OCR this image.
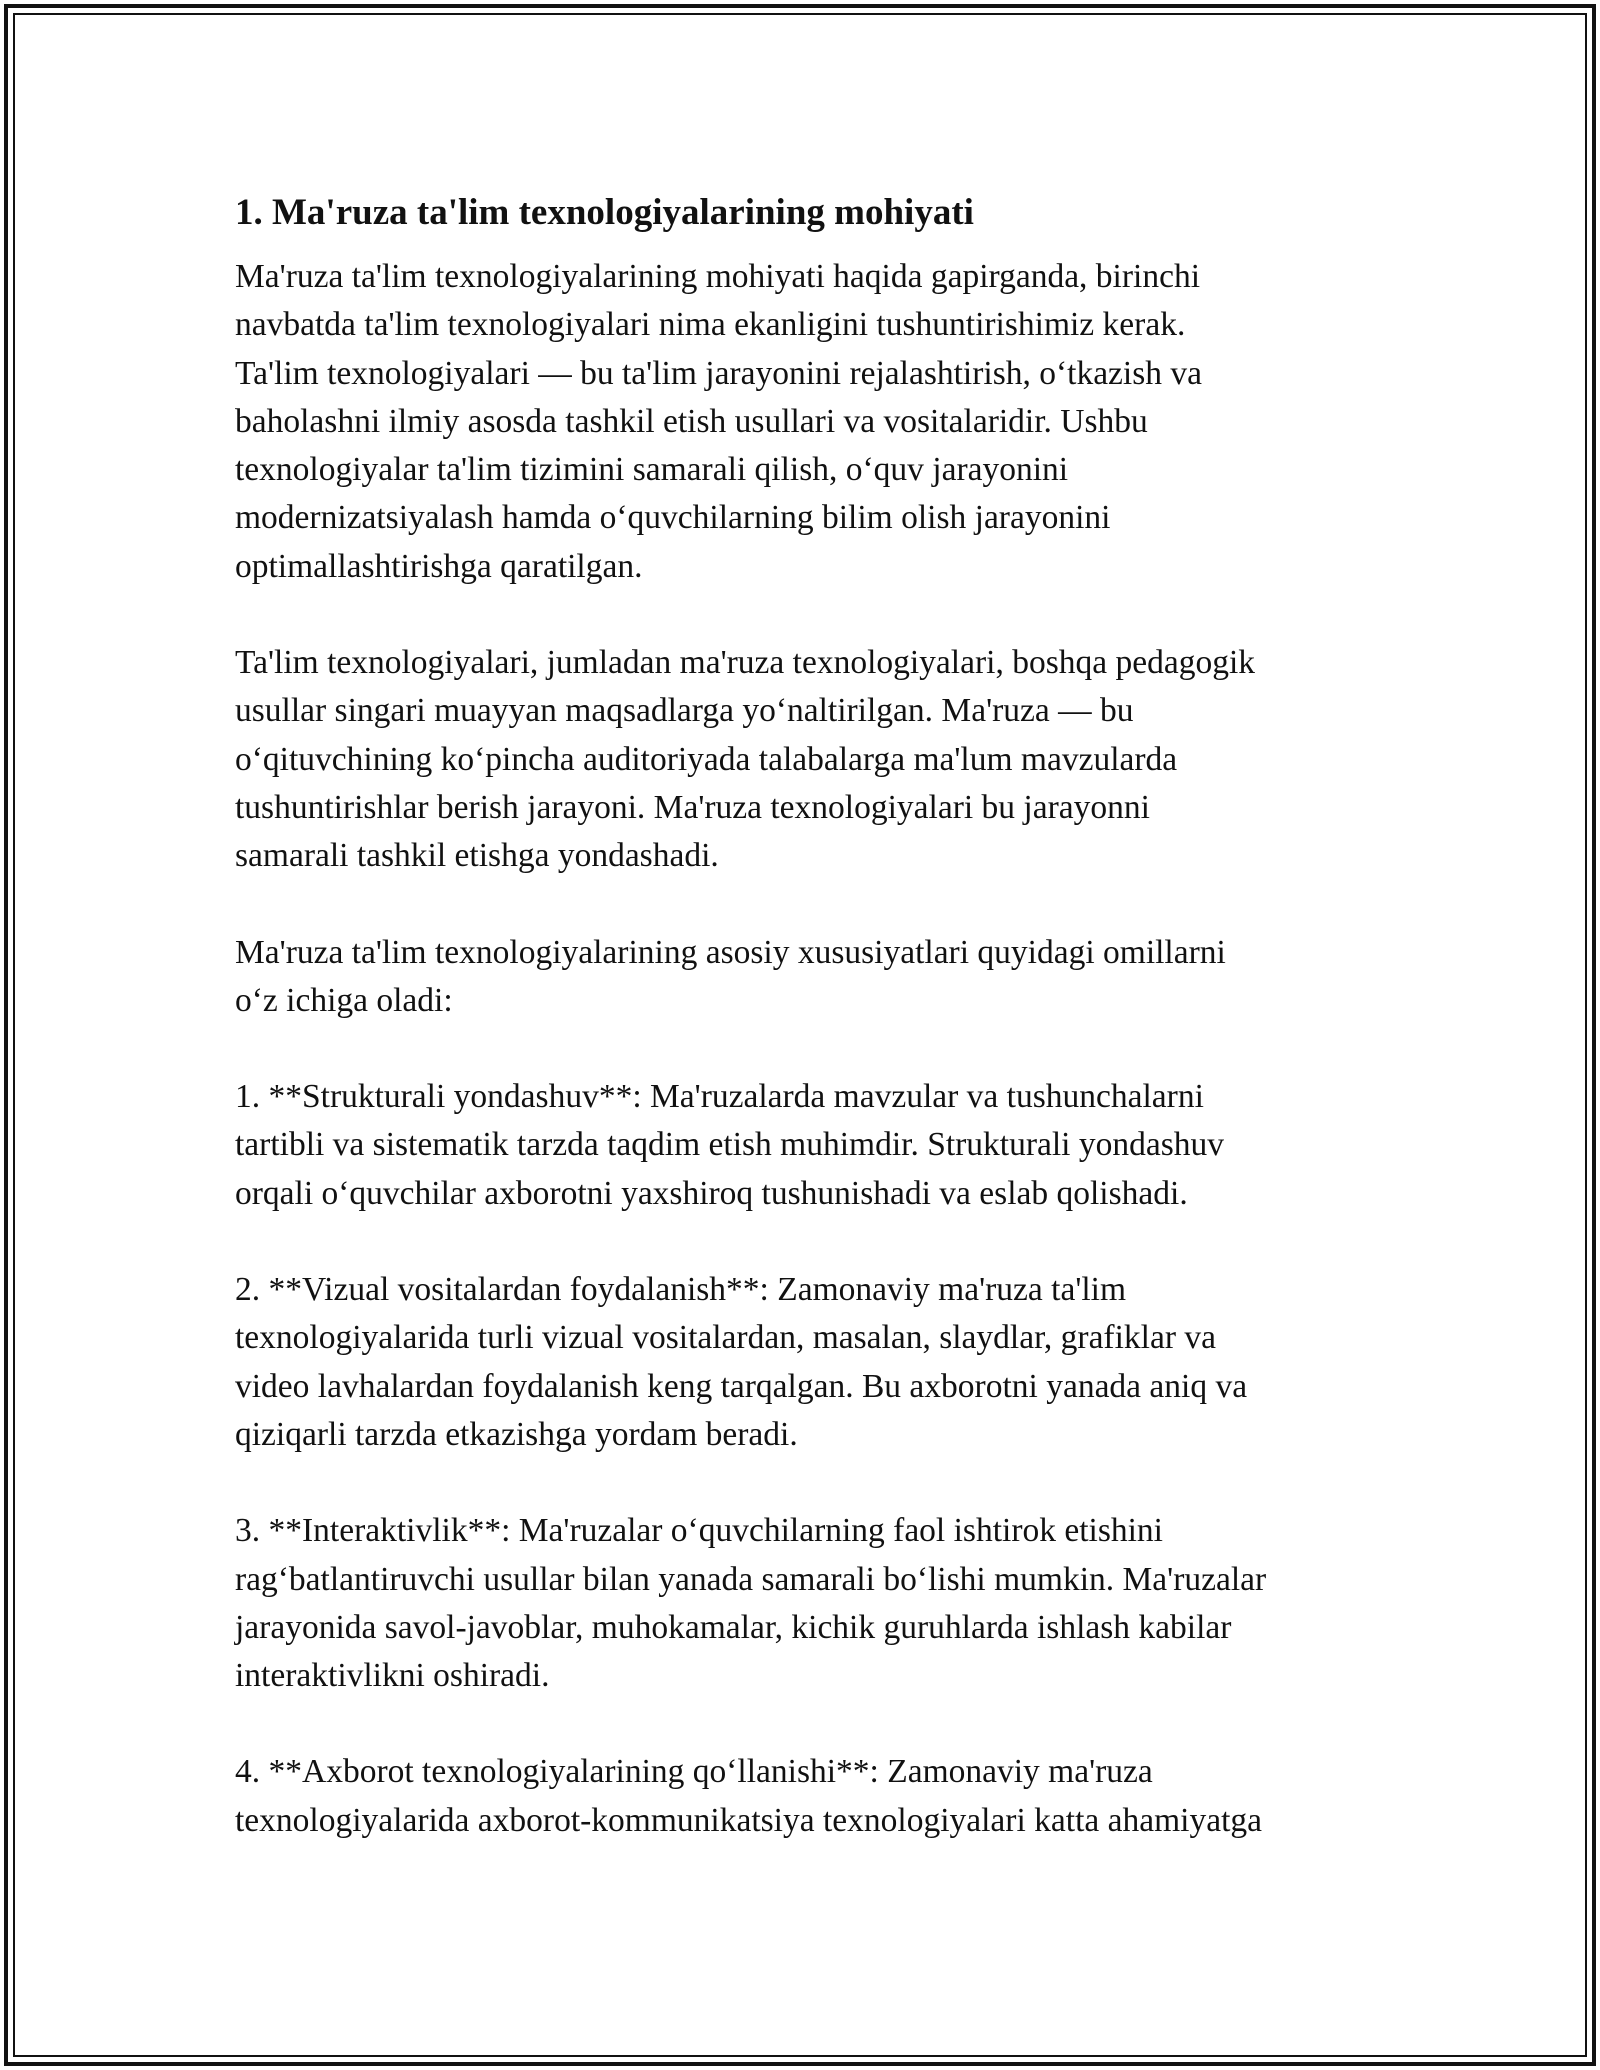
1. Ma'ruza ta'lim texnologiyalarining mohiyati

Ma'ruza ta'lim texnologiyalarining mohiyati haqida gapirganda, birinchi
navbatda ta'lim texnologiyalari nima ekanligini tushuntirishimiz kerak.
Ta'lim texnologiyalari — bu ta'lim jarayonini rejalashtirish, o‘tkazish va
baholashni ilmiy asosda tashkil etish usullari va vositalaridir. Ushbu
texnologiyalar ta'lim tizimini samarali qilish, o‘quv jarayonini
modernizatsiyalash hamda o‘quvchilarning bilim olish jarayonini
optimallashtirishga qaratilgan.

Ta'lim texnologiyalari, jumladan ma'ruza texnologiyalari, boshqa pedagogik
usullar singari muayyan maqsadlarga yo‘naltirilgan. Ma'ruza — bu
o‘qituvchining ko‘pincha auditoriyada talabalarga ma'lum mavzularda
tushuntirishlar berish jarayoni. Ma'ruza texnologiyalari bu jarayonni
samarali tashkil etishga yondashadi.

Ma'ruza ta'lim texnologiyalarining asosiy xususiyatlari quyidagi omillarni
o‘z ichiga oladi:

1. **Strukturali yondashuv**: Ma'ruzalarda mavzular va tushunchalarni
tartibli va sistematik tarzda taqdim etish muhimdir. Strukturali yondashuv
orqali o‘quvchilar axborotni yaxshiroq tushunishadi va eslab qolishadi.

2. **Vizual vositalardan foydalanish**: Zamonaviy ma'ruza ta'lim
texnologiyalarida turli vizual vositalardan, masalan, slaydlar, grafiklar va
video lavhalardan foydalanish keng tarqalgan. Bu axborotni yanada aniq va
qiziqarli tarzda etkazishga yordam beradi.

3. **Interaktivlik**: Ma'ruzalar o‘quvchilarning faol ishtirok etishini
rag‘batlantiruvchi usullar bilan yanada samarali bo‘lishi mumkin. Ma'ruzalar
jarayonida savol-javoblar, muhokamalar, kichik guruhlarda ishlash kabilar
interaktivlikni oshiradi.

4. **Axborot texnologiyalarining qo‘llanishi**: Zamonaviy ma'ruza
texnologiyalarida axborot-kommunikatsiya texnologiyalari katta ahamiyatga
